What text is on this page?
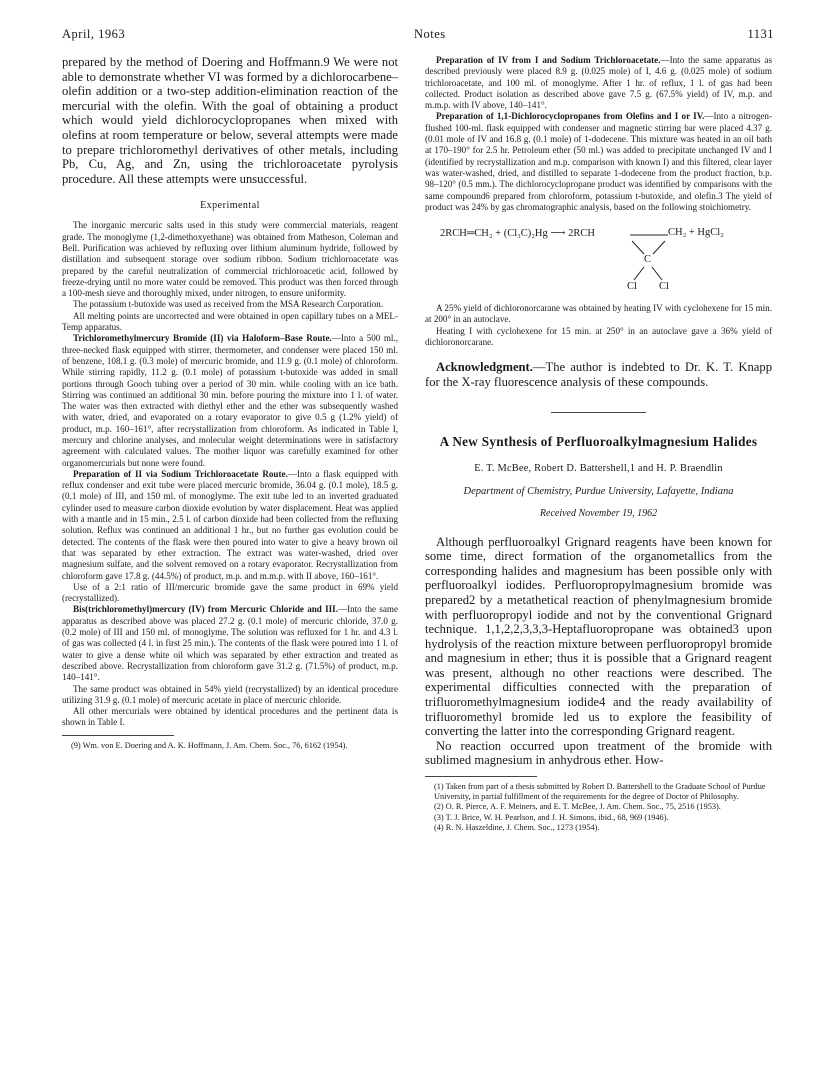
April, 1963	Notes	1131

prepared by the method of Doering and Hoffmann.9 We were not able to demonstrate whether VI was formed by a dichlorocarbene–olefin addition or a two-step addition-elimination reaction of the mercurial with the olefin. With the goal of obtaining a product which would yield dichlorocyclopropanes when mixed with olefins at room temperature or below, several attempts were made to prepare trichloromethyl derivatives of other metals, including Pb, Cu, Ag, and Zn, using the trichloroacetate pyrolysis procedure. All these attempts were unsuccessful.

Experimental

The inorganic mercuric salts used in this study were commercial materials, reagent grade. The monoglyme (1,2-dimethoxyethane) was obtained from Matheson, Coleman and Bell. Purification was achieved by refluxing over lithium aluminum hydride, followed by distillation and subsequent storage over sodium ribbon. Sodium trichloroacetate was prepared by the careful neutralization of commercial trichloroacetic acid, followed by freeze-drying until no more water could be removed. This product was then forced through a 100-mesh sieve and thoroughly mixed, under nitrogen, to ensure uniformity.

The potassium t-butoxide was used as received from the MSA Research Corporation.

All melting points are uncorrected and were obtained in open capillary tubes on a MEL-Temp apparatus.

Trichloromethylmercury Bromide (II) via Haloform–Base Route.—Into a 500 ml., three-necked flask equipped with stirrer, thermometer, and condenser were placed 150 ml. of benzene, 108.1 g. (0.3 mole) of mercuric bromide, and 11.9 g. (0.1 mole) of chloroform. While stirring rapidly, 11.2 g. (0.1 mole) of potassium t-butoxide was added in small portions through Gooch tubing over a period of 30 min. while cooling with an ice bath. Stirring was continued an additional 30 min. before pouring the mixture into 1 l. of water. The water was then extracted with diethyl ether and the ether was subsequently washed with water, dried, and evaporated on a rotary evaporator to give 0.5 g (1.2% yield) of product, m.p. 160–161°, after recrystallization from chloroform. As indicated in Table I, mercury and chlorine analyses, and molecular weight determinations were in satisfactory agreement with calculated values. The mother liquor was carefully examined for other organomercurials but none were found.

Preparation of II via Sodium Trichloroacetate Route.—Into a flask equipped with reflux condenser and exit tube were placed mercuric bromide, 36.04 g. (0.1 mole), 18.5 g. (0.1 mole) of III, and 150 ml. of monoglyme. The exit tube led to an inverted graduated cylinder used to measure carbon dioxide evolution by water displacement. Heat was applied with a mantle and in 15 min., 2.5 l. of carbon dioxide had been collected from the refluxing solution. Reflux was continued an additional 1 hr., but no further gas evolution could be detected. The contents of the flask were then poured into water to give a heavy brown oil that was separated by ether extraction. The extract was water-washed, dried over magnesium sulfate, and the solvent removed on a rotary evaporator. Recrystallization from chloroform gave 17.8 g. (44.5%) of product, m.p. and m.m.p. with II above, 160–161°.

Use of a 2:1 ratio of III/mercuric bromide gave the same product in 69% yield (recrystallized).

Bis(trichloromethyl)mercury (IV) from Mercuric Chloride and III.—Into the same apparatus as described above was placed 27.2 g. (0.1 mole) of mercuric chloride, 37.0 g. (0.2 mole) of III and 150 ml. of monoglyme. The solution was refluxed for 1 hr. and 4.3 l. of gas was collected (4 l. in first 25 min.). The contents of the flask were poured into 1 l. of water to give a dense white oil which was separated by ether extraction and treated as described above. Recrystallization from chloroform gave 31.2 g. (71.5%) of product, m.p. 140–141°.

The same product was obtained in 54% yield (recrystallized) by an identical procedure utilizing 31.9 g. (0.1 mole) of mercuric acetate in place of mercuric chloride.

All other mercurials were obtained by identical procedures and the pertinent data is shown in Table I.

(9) Wm. von E. Doering and A. K. Hoffmann, J. Am. Chem. Soc., 76, 6162 (1954).

Preparation of IV from I and Sodium Trichloroacetate.—Into the same apparatus as described previously were placed 8.9 g. (0.025 mole) of I, 4.6 g. (0.025 mole) of sodium trichloroacetate, and 100 ml. of monoglyme. After 1 hr. of reflux, 1 l. of gas had been collected. Product isolation as described above gave 7.5 g. (67.5% yield) of IV, m.p. and m.m.p. with IV above, 140–141°.

Preparation of 1,1-Dichlorocyclopropanes from Olefins and I or IV.—Into a nitrogen-flushed 100-ml. flask equipped with condenser and magnetic stirring bar were placed 4.37 g. (0.01 mole of IV and 16.8 g. (0.1 mole) of 1-dodecene. This mixture was heated in an oil bath at 170–190° for 2.5 hr. Petroleum ether (50 ml.) was added to precipitate unchanged IV and I (identified by recrystallization and m.p. comparison with known I) and this filtered, clear layer was water-washed, dried, and distilled to separate 1-dodecene from the product fraction, b.p. 98–120° (0.5 mm.). The dichlorocyclopropane product was identified by comparisons with the same compound6 prepared from chloroform, potassium t-butoxide, and olefin.3 The yield of product was 24% by gas chromatographic analysis, based on the following stoichiometry.

2RCH═CH₂ + (Cl₃C)₂Hg ⟶ 2RCH	CH₂ + HgCl₂
C
Cl Cl

A 25% yield of dichloronorcarane was obtained by heating IV with cyclohexene for 15 min. at 200° in an autoclave.

Heating I with cyclohexene for 15 min. at 250° in an autoclave gave a 36% yield of dichloronorcarane.

Acknowledgment.—The author is indebted to Dr. K. T. Knapp for the X-ray fluorescence analysis of these compounds.

A New Synthesis of Perfluoroalkylmagnesium Halides
E. T. McBee, Robert D. Battershell,1 and H. P. Braendlin
Department of Chemistry, Purdue University, Lafayette, Indiana
Received November 19, 1962

Although perfluoroalkyl Grignard reagents have been known for some time, direct formation of the organometallics from the corresponding halides and magnesium has been possible only with perfluoroalkyl iodides. Perfluoropropylmagnesium bromide was prepared2 by a metathetical reaction of phenylmagnesium bromide with perfluoropropyl iodide and not by the conventional Grignard technique. 1,1,2,2,3,3,3-Heptafluoropropane was obtained3 upon hydrolysis of the reaction mixture between perfluoropropyl bromide and magnesium in ether; thus it is possible that a Grignard reagent was present, although no other reactions were described. The experimental difficulties connected with the preparation of trifluoromethylmagnesium iodide4 and the ready availability of trifluoromethyl bromide led us to explore the feasibility of converting the latter into the corresponding Grignard reagent.

No reaction occurred upon treatment of the bromide with sublimed magnesium in anhydrous ether. How-

(1) Taken from part of a thesis submitted by Robert D. Battershell to the Graduate School of Purdue University, in partial fulfillment of the requirements for the degree of Doctor of Philosophy.

(2) O. R. Pierce, A. F. Meiners, and E. T. McBee, J. Am. Chem. Soc., 75, 2516 (1953).

(3) T. J. Brice, W. H. Pearlson, and J. H. Simons, ibid., 68, 969 (1946).

(4) R. N. Haszeldine, J. Chem. Soc., 1273 (1954).
